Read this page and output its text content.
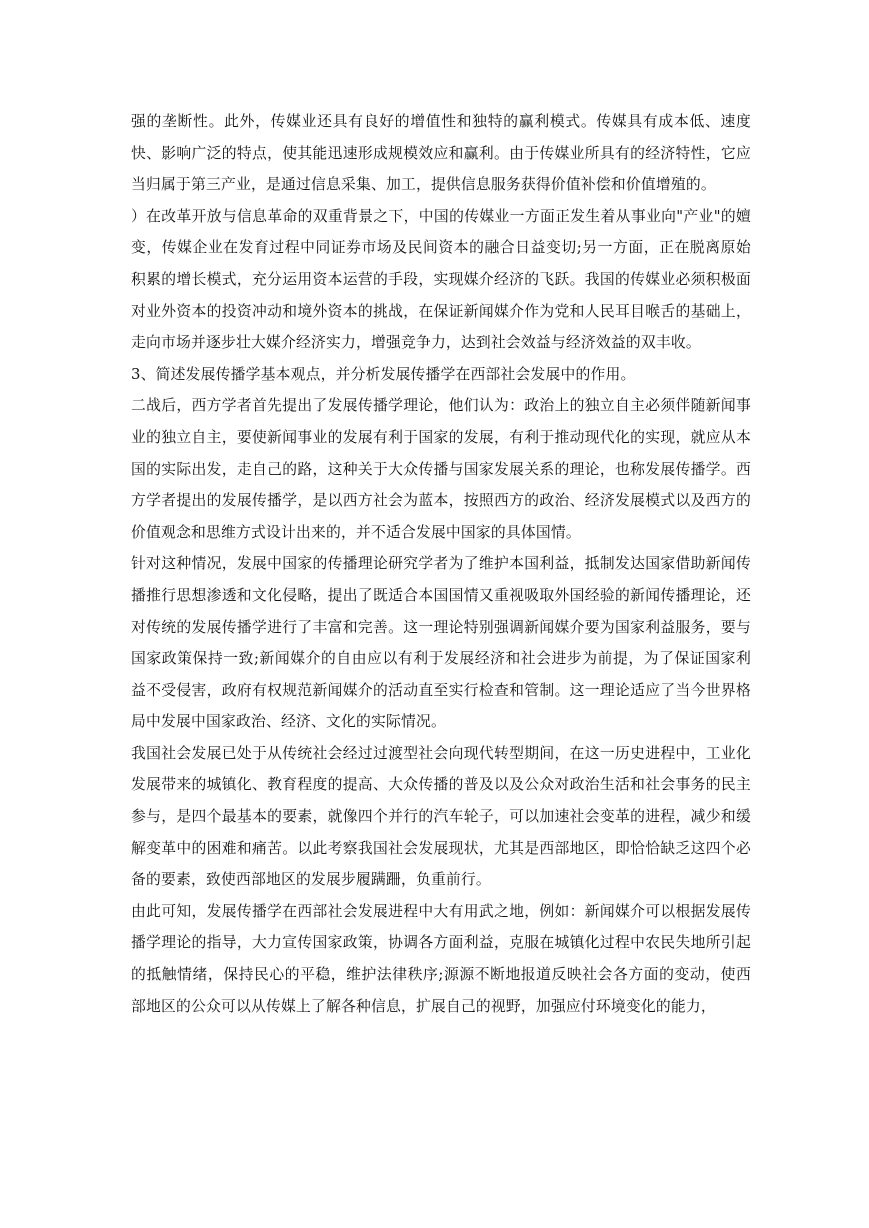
强的垄断性。此外，传媒业还具有良好的增值性和独特的赢利模式。传媒具有成本低、速度快、影响广泛的特点，使其能迅速形成规模效应和赢利。由于传媒业所具有的经济特性，它应当归属于第三产业，是通过信息采集、加工，提供信息服务获得价值补偿和价值增殖的。

）在改革开放与信息革命的双重背景之下，中国的传媒业一方面正发生着从事业向"产业"的嬗变，传媒企业在发育过程中同证券市场及民间资本的融合日益变切;另一方面，正在脱离原始积累的增长模式，充分运用资本运营的手段，实现媒介经济的飞跃。我国的传媒业必须积极面对业外资本的投资冲动和境外资本的挑战，在保证新闻媒介作为党和人民耳目喉舌的基础上，走向市场并逐步壮大媒介经济实力，增强竞争力，达到社会效益与经济效益的双丰收。

3、简述发展传播学基本观点，并分析发展传播学在西部社会发展中的作用。

二战后，西方学者首先提出了发展传播学理论，他们认为：政治上的独立自主必须伴随新闻事业的独立自主，要使新闻事业的发展有利于国家的发展，有利于推动现代化的实现，就应从本国的实际出发，走自己的路，这种关于大众传播与国家发展关系的理论，也称发展传播学。西方学者提出的发展传播学，是以西方社会为蓝本，按照西方的政治、经济发展模式以及西方的价值观念和思维方式设计出来的，并不适合发展中国家的具体国情。

针对这种情况，发展中国家的传播理论研究学者为了维护本国利益，抵制发达国家借助新闻传播推行思想渗透和文化侵略，提出了既适合本国国情又重视吸取外国经验的新闻传播理论，还对传统的发展传播学进行了丰富和完善。这一理论特别强调新闻媒介要为国家利益服务，要与国家政策保持一致;新闻媒介的自由应以有利于发展经济和社会进步为前提，为了保证国家利益不受侵害，政府有权规范新闻媒介的活动直至实行检查和管制。这一理论适应了当今世界格局中发展中国家政治、经济、文化的实际情况。

我国社会发展已处于从传统社会经过过渡型社会向现代转型期间，在这一历史进程中，工业化发展带来的城镇化、教育程度的提高、大众传播的普及以及公众对政治生活和社会事务的民主参与，是四个最基本的要素，就像四个并行的汽车轮子，可以加速社会变革的进程，减少和缓解变革中的困难和痛苦。以此考察我国社会发展现状，尤其是西部地区，即恰恰缺乏这四个必备的要素，致使西部地区的发展步履蹒跚，负重前行。

由此可知，发展传播学在西部社会发展进程中大有用武之地，例如：新闻媒介可以根据发展传播学理论的指导，大力宣传国家政策，协调各方面利益，克服在城镇化过程中农民失地所引起的抵触情绪，保持民心的平稳，维护法律秩序;源源不断地报道反映社会各方面的变动，使西部地区的公众可以从传媒上了解各种信息，扩展自己的视野，加强应付环境变化的能力，
